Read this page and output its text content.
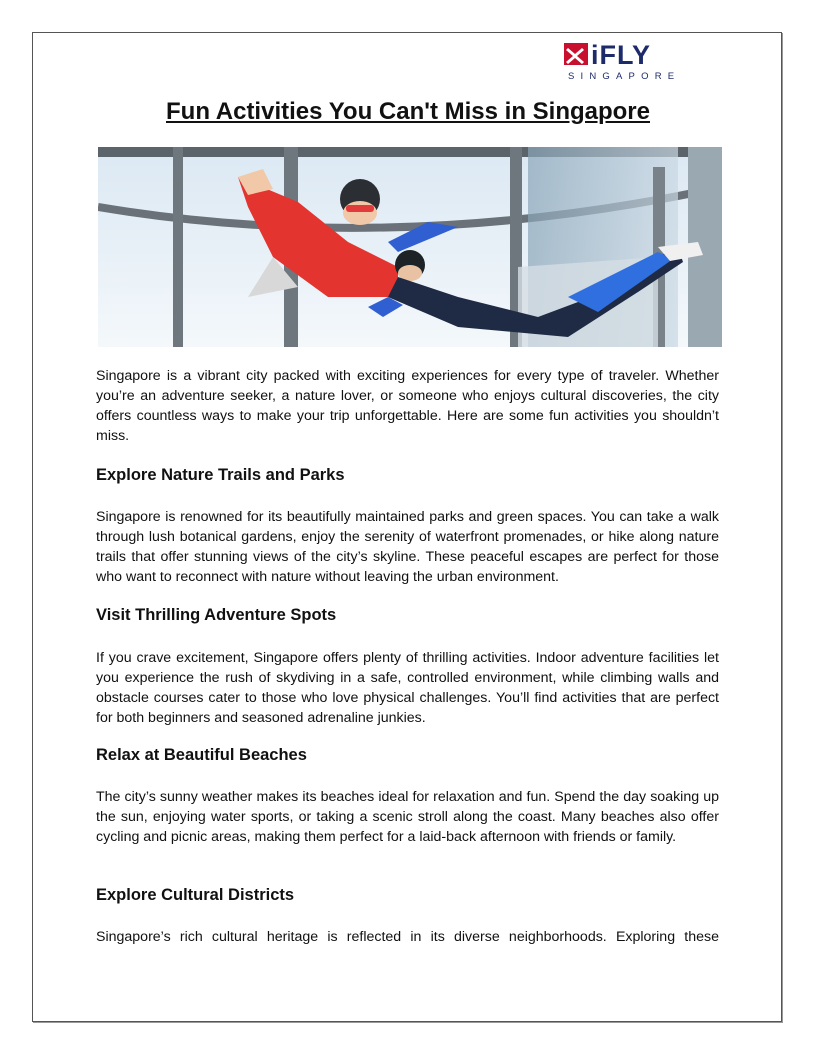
iFLY
SINGAPORE
Fun Activities You Can't Miss in Singapore

Singapore is a vibrant city packed with exciting experiences for every type of traveler. Whether you’re an adventure seeker, a nature lover, or someone who enjoys cultural discoveries, the city offers countless ways to make your trip unforgettable. Here are some fun activities you shouldn’t miss.

Explore Nature Trails and Parks

Singapore is renowned for its beautifully maintained parks and green spaces. You can take a walk through lush botanical gardens, enjoy the serenity of waterfront promenades, or hike along nature trails that offer stunning views of the city’s skyline. These peaceful escapes are perfect for those who want to reconnect with nature without leaving the urban environment.

Visit Thrilling Adventure Spots

If you crave excitement, Singapore offers plenty of thrilling activities. Indoor adventure facilities let you experience the rush of skydiving in a safe, controlled environment, while climbing walls and obstacle courses cater to those who love physical challenges. You’ll find activities that are perfect for both beginners and seasoned adrenaline junkies.

Relax at Beautiful Beaches

The city’s sunny weather makes its beaches ideal for relaxation and fun. Spend the day soaking up the sun, enjoying water sports, or taking a scenic stroll along the coast. Many beaches also offer cycling and picnic areas, making them perfect for a laid-back afternoon with friends or family.

Explore Cultural Districts

Singapore’s rich cultural heritage is reflected in its diverse neighborhoods. Exploring these
